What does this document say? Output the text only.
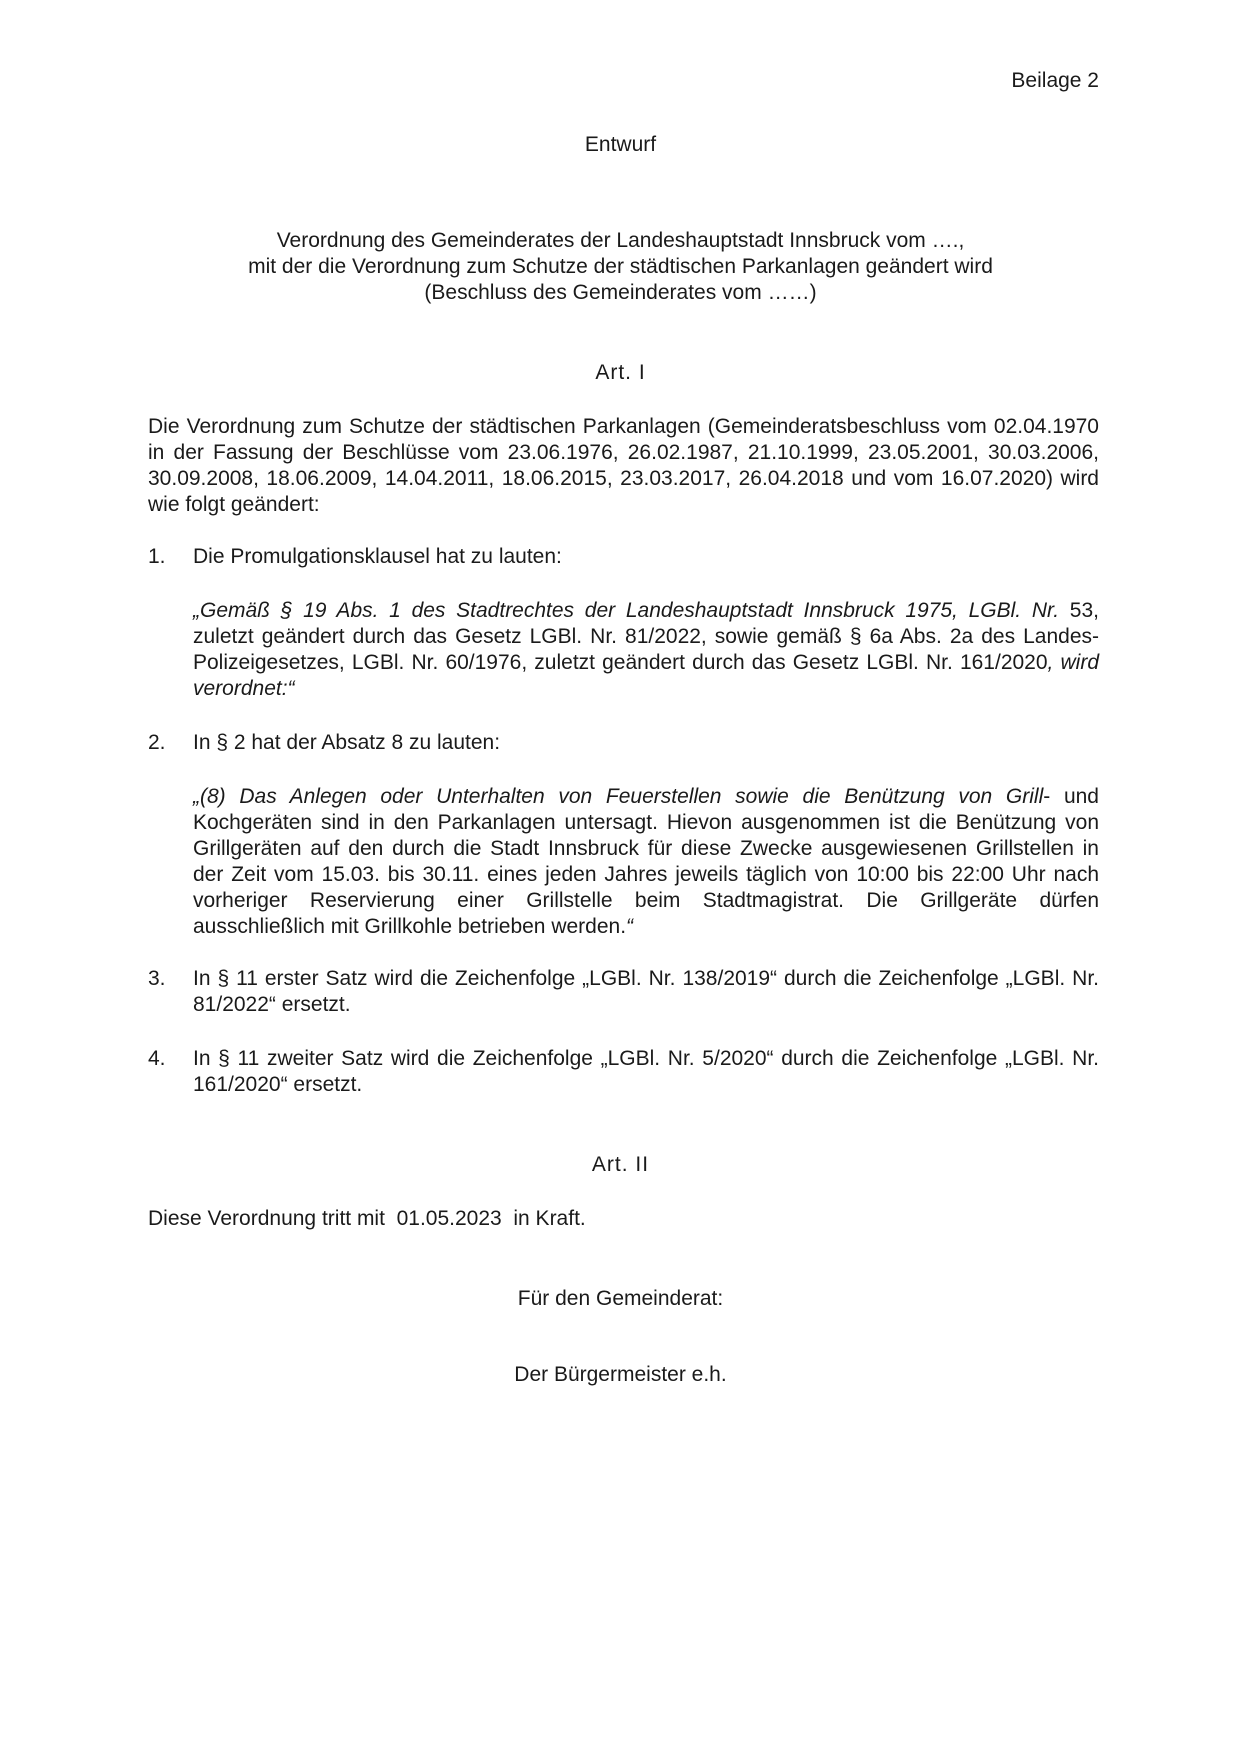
Beilage 2
Entwurf
Verordnung des Gemeinderates der Landeshauptstadt Innsbruck vom ….,
mit der die Verordnung zum Schutze der städtischen Parkanlagen geändert wird
(Beschluss des Gemeinderates vom ……)
Art. I
Die Verordnung zum Schutze der städtischen Parkanlagen (Gemeinderatsbeschluss vom 02.04.1970 in der Fassung der Beschlüsse vom 23.06.1976, 26.02.1987, 21.10.1999, 23.05.2001, 30.03.2006, 30.09.2008, 18.06.2009, 14.04.2011, 18.06.2015, 23.03.2017, 26.04.2018 und vom 16.07.2020) wird wie folgt geändert:
1. Die Promulgationsklausel hat zu lauten:
„Gemäß § 19 Abs. 1 des Stadtrechtes der Landeshauptstadt Innsbruck 1975, LGBl. Nr. 53, zuletzt geändert durch das Gesetz LGBl. Nr. 81/2022, sowie gemäß § 6a Abs. 2a des Landes-Polizeigesetzes, LGBl. Nr. 60/1976, zuletzt geändert durch das Gesetz LGBl. Nr. 161/2020, wird verordnet:“
2. In § 2 hat der Absatz 8 zu lauten:
„(8) Das Anlegen oder Unterhalten von Feuerstellen sowie die Benützung von Grill- und Kochgeräten sind in den Parkanlagen untersagt. Hievon ausgenommen ist die Benützung von Grillgeräten auf den durch die Stadt Innsbruck für diese Zwecke ausgewiesenen Grillstellen in der Zeit vom 15.03. bis 30.11. eines jeden Jahres jeweils täglich von 10:00 bis 22:00 Uhr nach vorheriger Reservierung einer Grillstelle beim Stadtmagistrat. Die Grillgeräte dürfen ausschließlich mit Grillkohle betrieben werden.“
3. In § 11 erster Satz wird die Zeichenfolge „LGBl. Nr. 138/2019“ durch die Zeichenfolge „LGBl. Nr. 81/2022“ ersetzt.
4. In § 11 zweiter Satz wird die Zeichenfolge „LGBl. Nr. 5/2020“ durch die Zeichenfolge „LGBl. Nr. 161/2020“ ersetzt.
Art. II
Diese Verordnung tritt mit  01.05.2023  in Kraft.
Für den Gemeinderat:
Der Bürgermeister e.h.
